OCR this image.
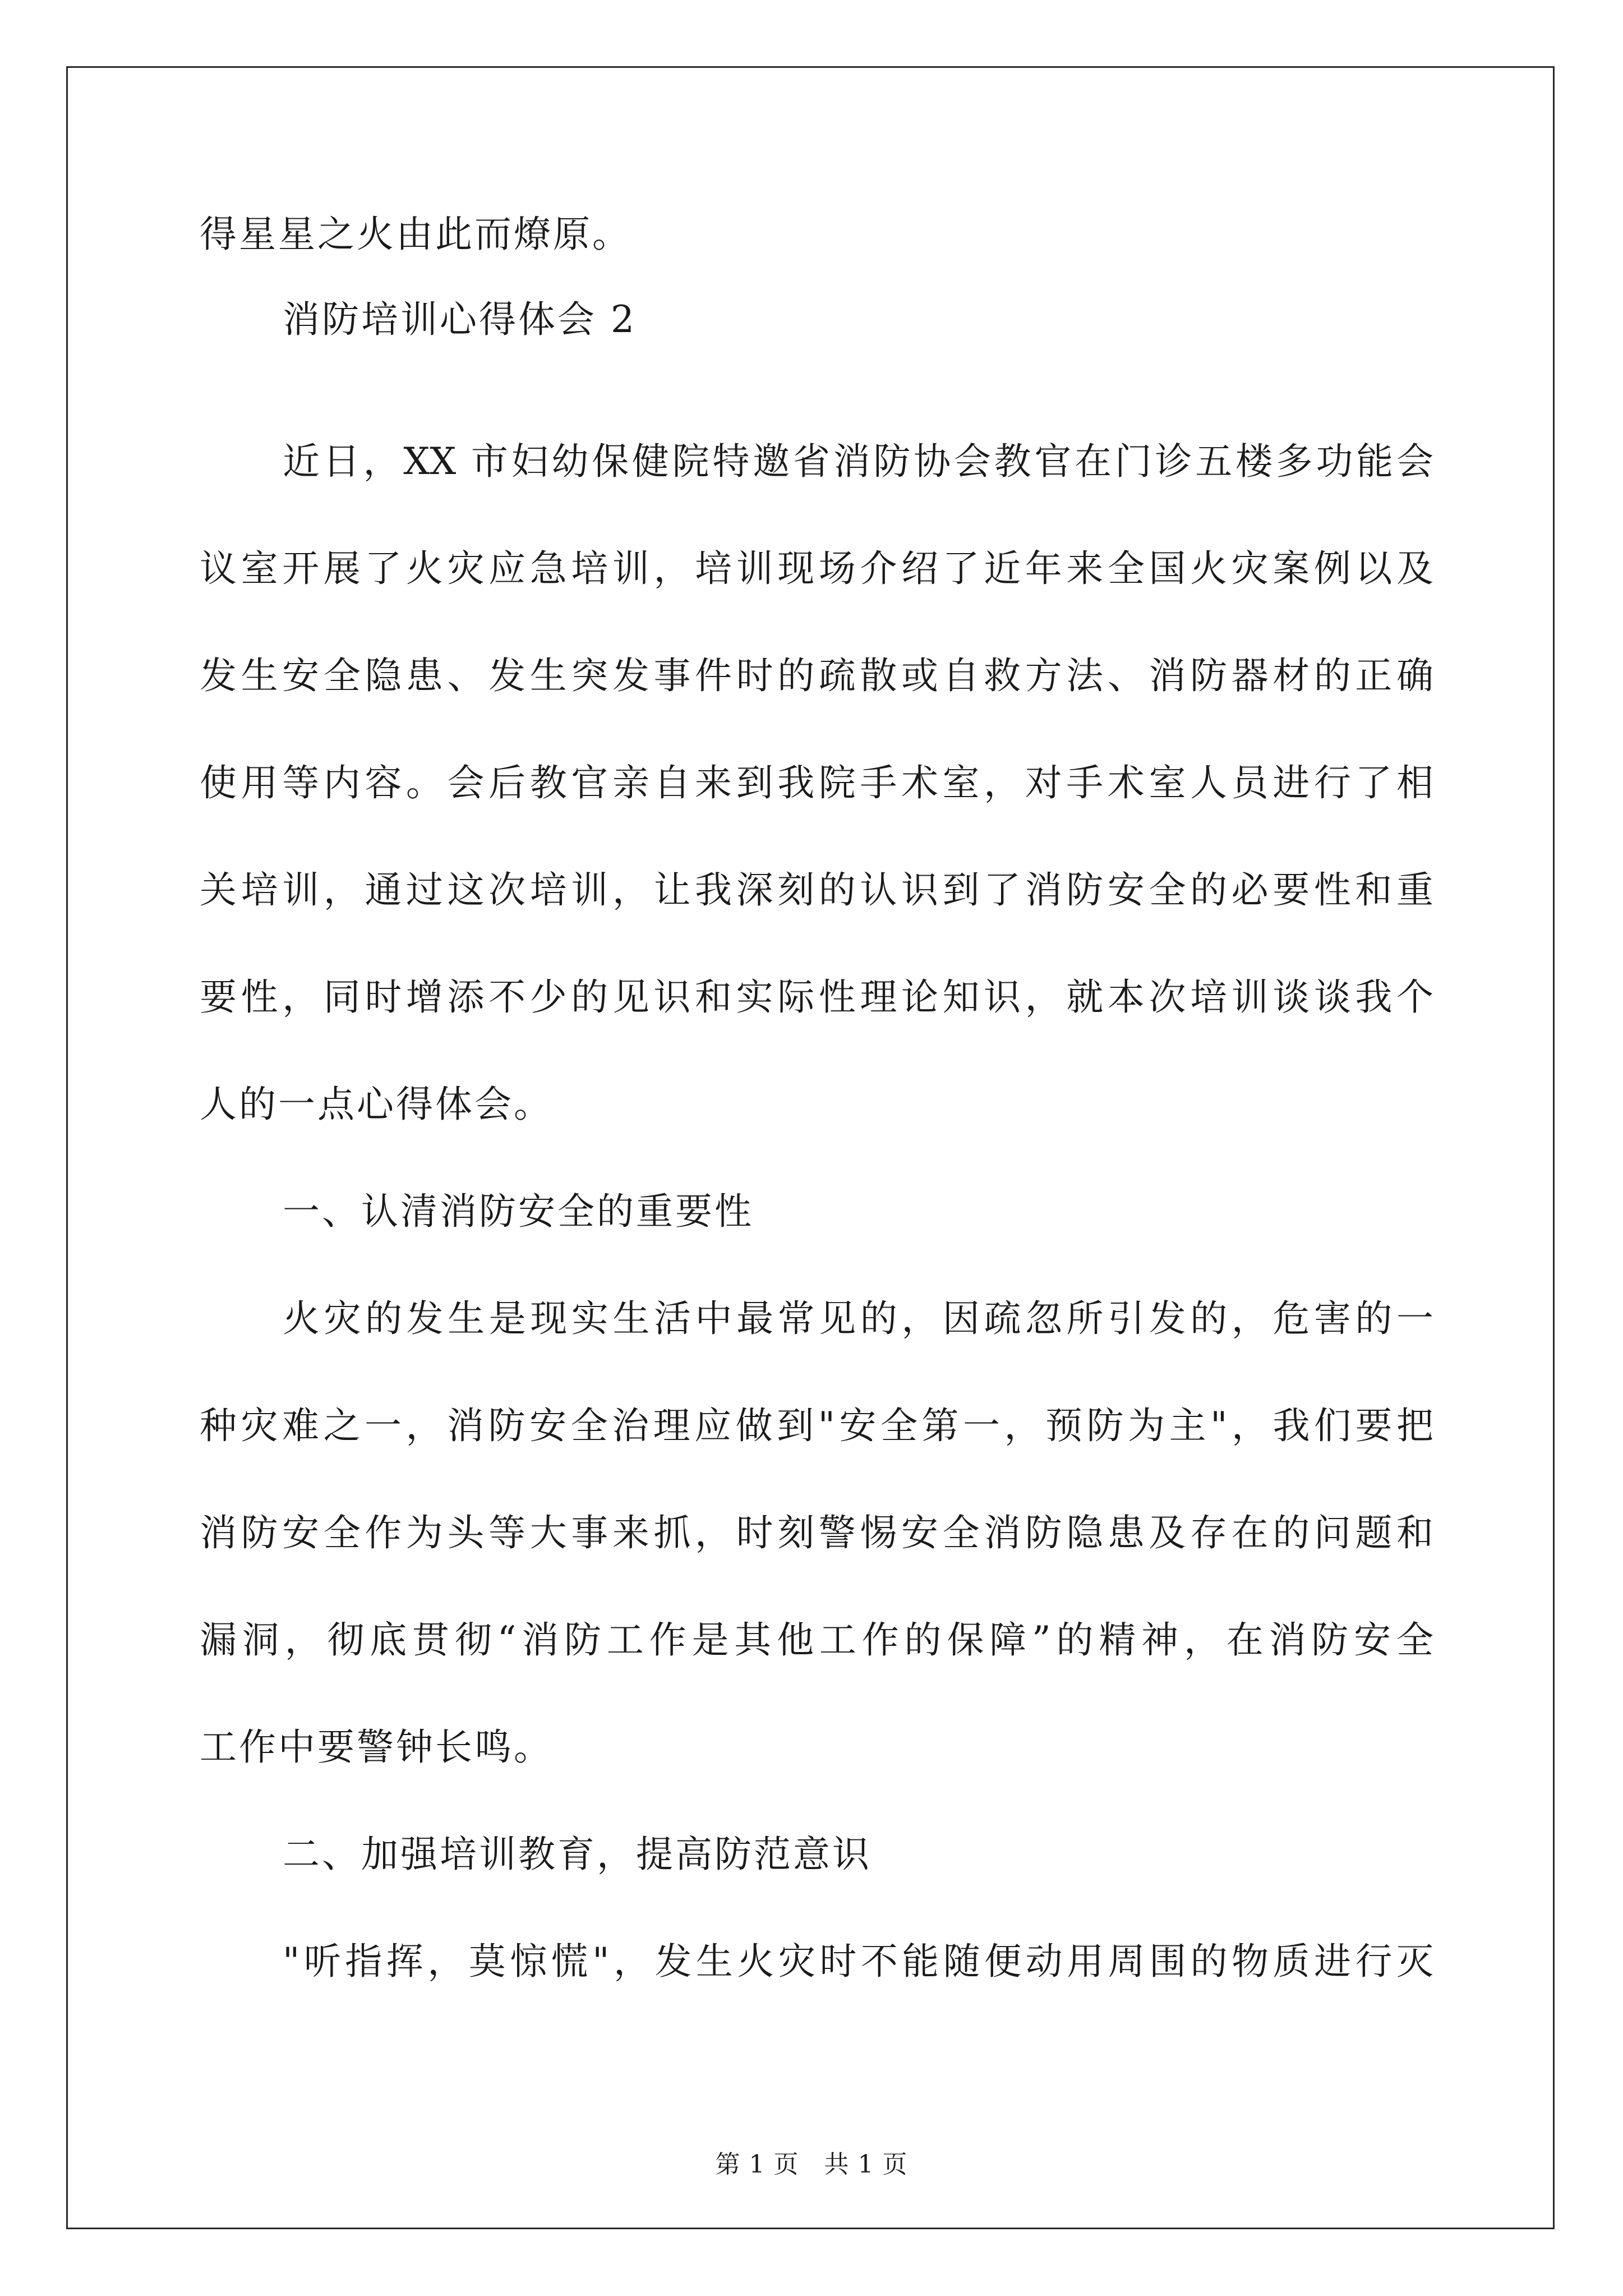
得星星之火由此而燎原。
消防培训心得体会 2
近日，XX 市妇幼保健院特邀省消防协会教官在门诊五楼多功能会
议室开展了火灾应急培训，培训现场介绍了近年来全国火灾案例以及
发生安全隐患、发生突发事件时的疏散或自救方法、消防器材的正确
使用等内容。会后教官亲自来到我院手术室，对手术室人员进行了相
关培训，通过这次培训，让我深刻的认识到了消防安全的必要性和重
要性，同时增添不少的见识和实际性理论知识，就本次培训谈谈我个
人的一点心得体会。
一、认清消防安全的重要性
火灾的发生是现实生活中最常见的，因疏忽所引发的，危害的一
种灾难之一，消防安全治理应做到"安全第一，预防为主"，我们要把
消防安全作为头等大事来抓，时刻警惕安全消防隐患及存在的问题和
漏洞，彻底贯彻“消防工作是其他工作的保障”的精神，在消防安全
工作中要警钟长鸣。
二、加强培训教育，提高防范意识
"听指挥，莫惊慌"，发生火灾时不能随便动用周围的物质进行灭
第 1 页　共 1 页
